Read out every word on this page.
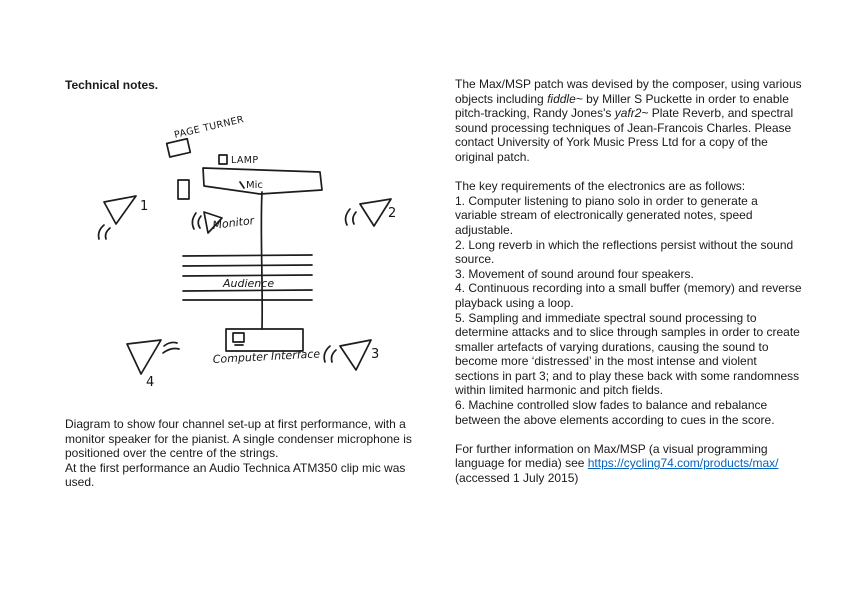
Technical notes.
PAGE TURNER
LAMP
Mic
Monitor
Audience
Computer Interface
1	2
3
4
Diagram to show four channel set-up at first performance, with a monitor speaker for the pianist. A single condenser microphone is positioned over the centre of the strings.
At the first performance an Audio Technica ATM350 clip mic was used.

The Max/MSP patch was devised by the composer, using various objects including fiddle~ by Miller S Puckette in order to enable pitch-tracking, Randy Jones's yafr2~ Plate Reverb, and spectral sound processing techniques of Jean-Francois Charles. Please contact University of York Music Press Ltd for a copy of the original patch.

The key requirements of the electronics are as follows:
1. Computer listening to piano solo in order to generate a variable stream of electronically generated notes, speed adjustable.
2. Long reverb in which the reflections persist without the sound source.
3. Movement of sound around four speakers.
4. Continuous recording into a small buffer (memory) and reverse playback using a loop.
5. Sampling and immediate spectral sound processing to determine attacks and to slice through samples in order to create smaller artefacts of varying durations, causing the sound to become more ‘distressed’ in the most intense and violent sections in part 3; and to play these back with some randomness within limited harmonic and pitch fields.
6. Machine controlled slow fades to balance and rebalance between the above elements according to cues in the score.

For further information on Max/MSP (a visual programming language for media) see https://cycling74.com/products/max/ (accessed 1 July 2015)
